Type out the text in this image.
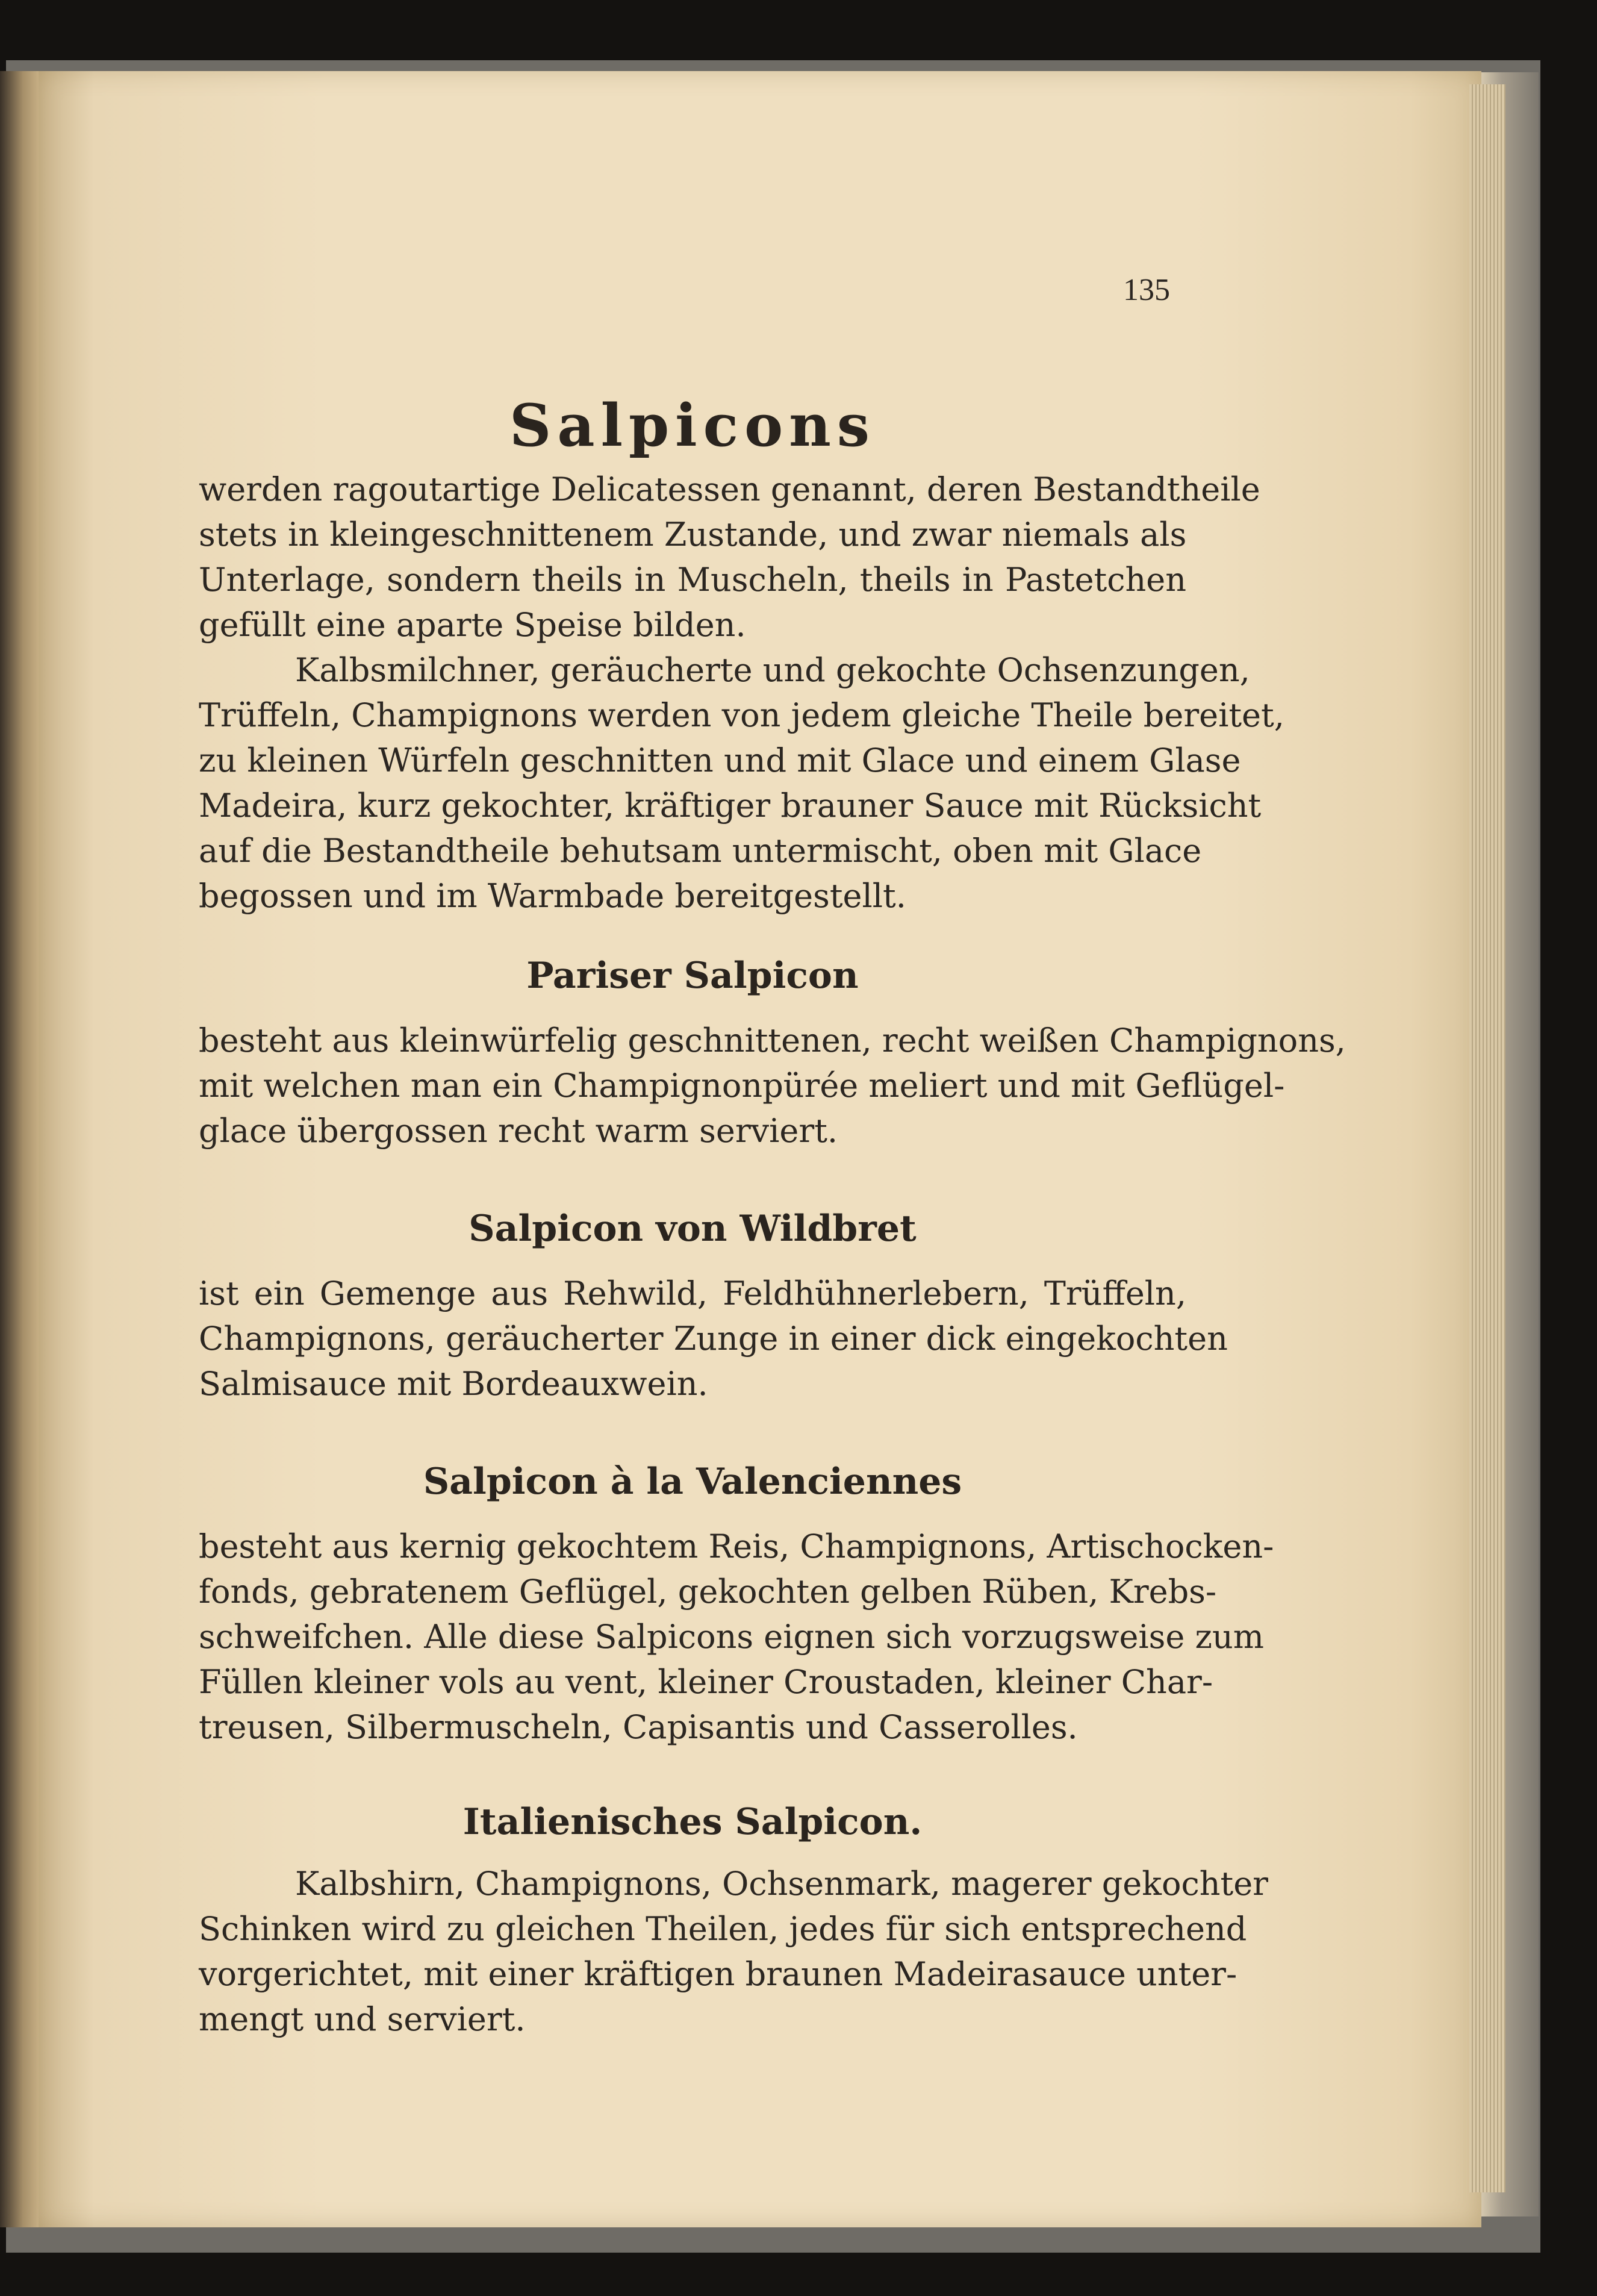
135
Salpicons
werden ragoutartige Delicatessen genannt, deren Bestandtheile
stets in kleingeschnittenem Zustande, und zwar niemals als
Unterlage, sondern theils in Muscheln, theils in Pastetchen
gefüllt eine aparte Speise bilden.
Kalbsmilchner, geräucherte und gekochte Ochsenzungen,
Trüffeln, Champignons werden von jedem gleiche Theile bereitet,
zu kleinen Würfeln geschnitten und mit Glace und einem Glase
Madeira, kurz gekochter, kräftiger brauner Sauce mit Rücksicht
auf die Bestandtheile behutsam untermischt, oben mit Glace
begossen und im Warmbade bereitgestellt.
Pariser Salpicon
besteht aus kleinwürfelig geschnittenen, recht weißen Champignons,
mit welchen man ein Champignonpürée meliert und mit Geflügel-
glace übergossen recht warm serviert.
Salpicon von Wildbret
ist ein Gemenge aus Rehwild, Feldhühnerlebern, Trüffeln,
Champignons, geräucherter Zunge in einer dick eingekochten
Salmisauce mit Bordeauxwein.
Salpicon à la Valenciennes
besteht aus kernig gekochtem Reis, Champignons, Artischocken-
fonds, gebratenem Geflügel, gekochten gelben Rüben, Krebs-
schweifchen. Alle diese Salpicons eignen sich vorzugsweise zum
Füllen kleiner vols au vent, kleiner Croustaden, kleiner Char-
treusen, Silbermuscheln, Capisantis und Casserolles.
Italienisches Salpicon.
Kalbshirn, Champignons, Ochsenmark, magerer gekochter
Schinken wird zu gleichen Theilen, jedes für sich entsprechend
vorgerichtet, mit einer kräftigen braunen Madeirasauce unter-
mengt und serviert.
